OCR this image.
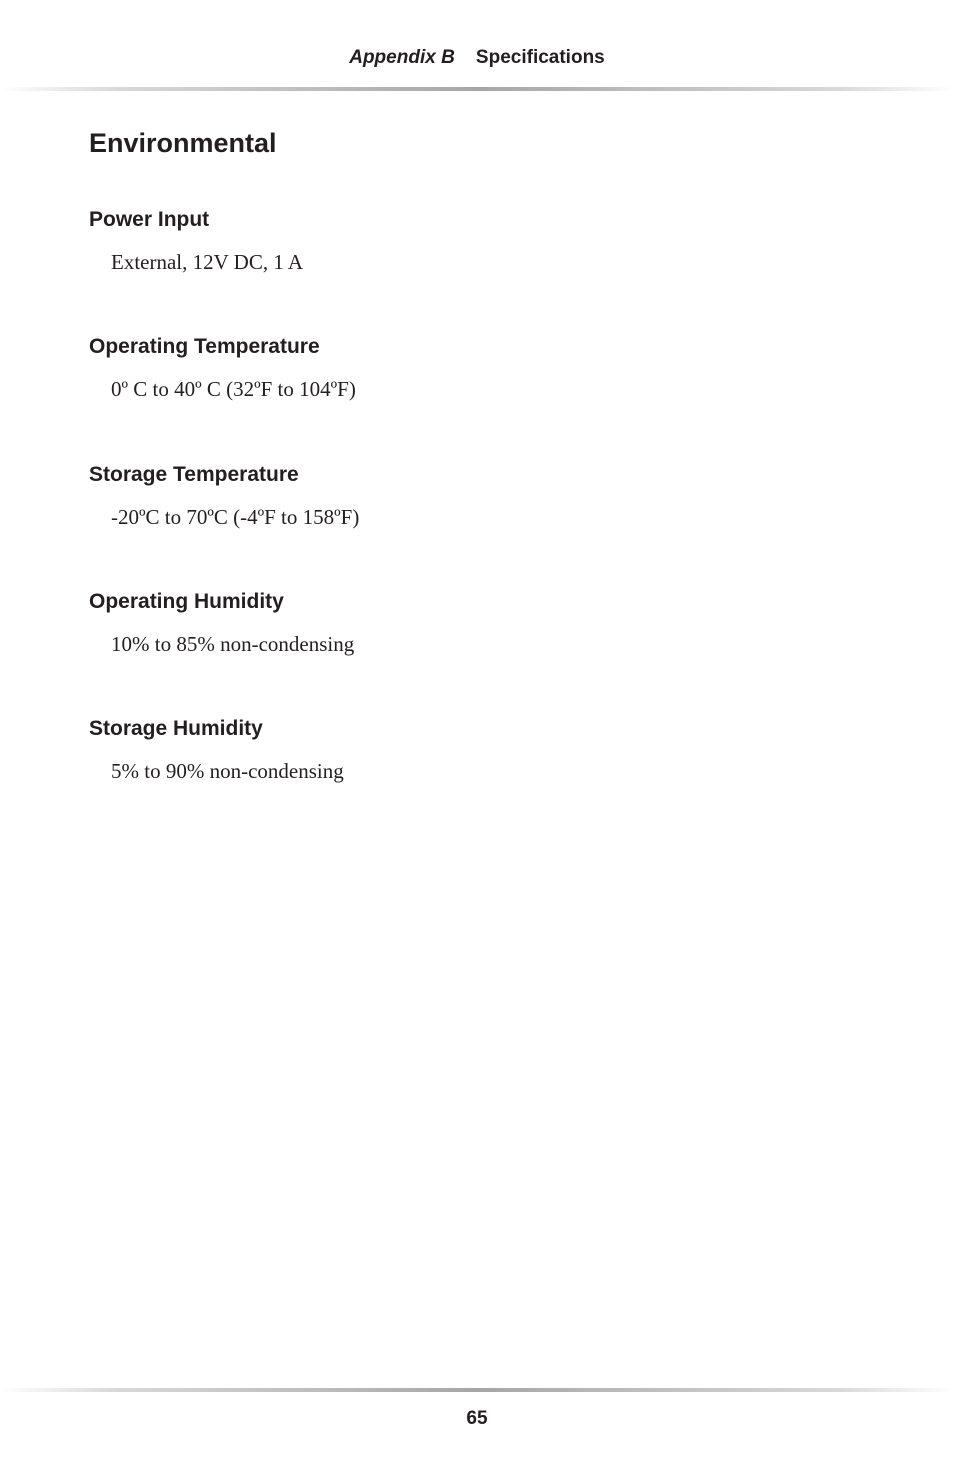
Appendix B Specifications
Environmental
Power Input

External, 12V DC, 1 A

Operating Temperature

0º C to 40º C (32ºF to 104ºF)

Storage Temperature

-20ºC to 70ºC (-4ºF to 158ºF)

Operating Humidity

10% to 85% non-condensing

Storage Humidity

5% to 90% non-condensing

65
